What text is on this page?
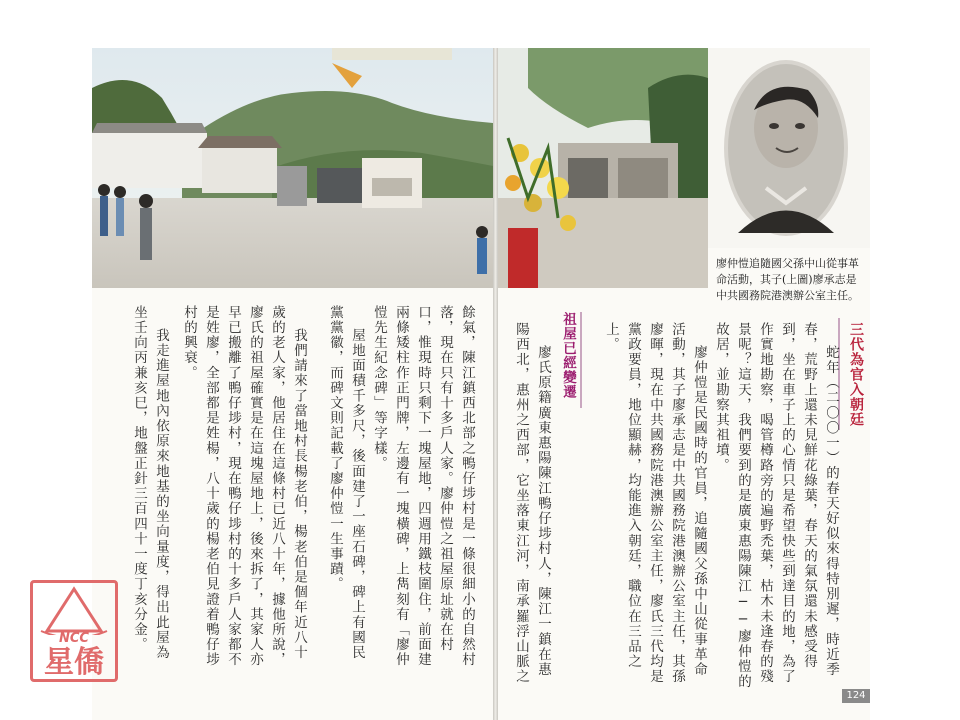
廖仲愷追隨國父孫中山從事革命活動，其子(上圖)廖承志是中共國務院港澳辦公室主任。
三代為官入朝廷
蛇年（二〇〇一）的春天好似來得特別遲，時近季
春，荒野上還未見鮮花綠葉，春天的氣氛還未感受得
到，坐在車子上的心情只是希望快些到達目的地，為了
作實地勘察，喝管樽路旁的遍野禿葉，枯木未逢春的殘
景呢？這天，我們要到的是廣東惠陽陳江──廖仲愷的
故居，並勘察其祖墳。
廖仲愷是民國時的官員，追隨國父孫中山從事革命
活動，其子廖承志是中共國務院港澳辦公室主任，其孫
廖暉，現在中共國務院港澳辦公室主任，廖氏三代均是
黨政要員，地位顯赫，均能進入朝廷，職位在三品之
上。
祖屋已經變遷
廖氏原籍廣東惠陽陳江鴨仔埗村人，陳江一鎮在惠
陽西北，惠州之西部，它坐落東江河，南承羅浮山脈之
124
餘氣，陳江鎮西北部之鴨仔埗村是一條很細小的自然村
落，現在只有十多戶人家。廖仲愷之祖屋原址就在村
口，惟現時只剩下一塊屋地，四週用鐵枝圍住，前面建
兩條矮柱作正門牌，左邊有一塊橫碑，上雋刻有「廖仲
愷先生紀念碑」等字樣。
屋地面積千多尺，後面建了一座石碑，碑上有國民
黨黨徽，而碑文則記載了廖仲愷一生事蹟。
我們請來了當地村長楊老伯，楊老伯是個年近八十
歲的老人家，他居住在這條村已近八十年，據他所說，
廖氏的祖屋確實是在這塊屋地上，後來拆了，其家人亦
早已搬離了鴨仔埗村，現在鴨仔埗村的十多戶人家都不
是姓廖，全部都是姓楊，八十歲的楊老伯見證着鴨仔埗
村的興衰。
我走進屋地內依原來地基的坐向量度，得出此屋為
坐壬向丙兼亥巳，地盤正針三百四十一度丁亥分金。
NCC
星僑
